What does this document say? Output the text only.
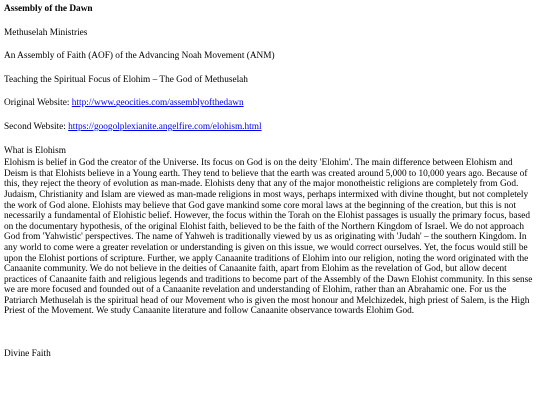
Assembly of the Dawn

Methuselah Ministries

An Assembly of Faith (AOF) of the Advancing Noah Movement (ANM)

Teaching the Spiritual Focus of Elohim – The God of Methuselah

Original Website: http://www.geocities.com/assemblyofthedawn

Second Website: https://googolplexianite.angelfire.com/elohism.html

What is Elohism

Elohism is belief in God the creator of the Universe. Its focus on God is on the deity 'Elohim'. The main difference between Elohism and Deism is that Elohists believe in a Young earth. They tend to believe that the earth was created around 5,000 to 10,000 years ago. Because of this, they reject the theory of evolution as man-made. Elohists deny that any of the major monotheistic religions are completely from God. Judaism, Christianity and Islam are viewed as man-made religions in most ways, perhaps intermixed with divine thought, but not completely the work of God alone. Elohists may believe that God gave mankind some core moral laws at the beginning of the creation, but this is not necessarily a fundamental of Elohistic belief. However, the focus within the Torah on the Elohist passages is usually the primary focus, based on the documentary hypothesis, of the original Elohist faith, believed to be the faith of the Northern Kingdom of Israel. We do not approach God from 'Yahwistic' perspectives. The name of Yahweh is traditionally viewed by us as originating with 'Judah' – the southern Kingdom. In any world to come were a greater revelation or understanding is given on this issue, we would correct ourselves. Yet, the focus would still be upon the Elohist portions of scripture. Further, we apply Canaanite traditions of Elohim into our religion, noting the word originated with the Canaanite community. We do not believe in the deities of Canaanite faith, apart from Elohim as the revelation of God, but allow decent practices of Canaanite faith and religious legends and traditions to become part of the Assembly of the Dawn Elohist community. In this sense we are more focused and founded out of a Canaanite revelation and understanding of Elohim, rather than an Abrahamic one. For us the Patriarch Methuselah is the spiritual head of our Movement who is given the most honour and Melchizedek, high priest of Salem, is the High Priest of the Movement. We study Canaanite literature and follow Canaanite observance towards Elohim God.

Divine Faith
